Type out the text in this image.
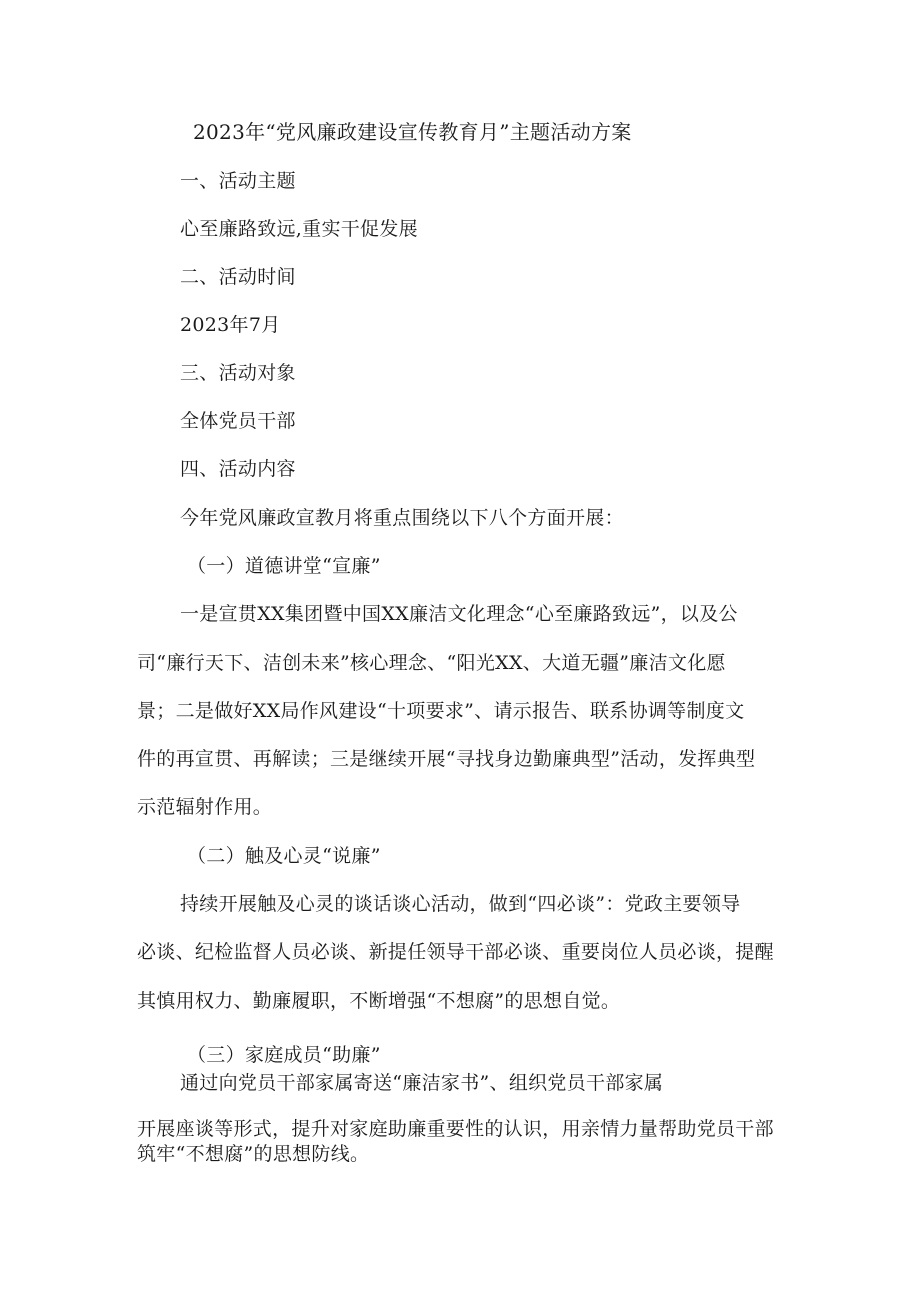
2023年“党风廉政建设宣传教育月”主题活动方案
一、活动主题
心至廉路致远,重实干促发展
二、活动时间
2023年7月
三、活动对象
全体党员干部
四、活动内容
今年党风廉政宣教月将重点围绕以下八个方面开展：
（一）道德讲堂“宣廉”
一是宣贯XX集团暨中国XX廉洁文化理念“心至廉路致远”，以及公
司“廉行天下、洁创未来”核心理念、“阳光XX、大道无疆”廉洁文化愿
景；二是做好XX局作风建设“十项要求”、请示报告、联系协调等制度文
件的再宣贯、再解读；三是继续开展“寻找身边勤廉典型”活动，发挥典型
示范辐射作用。
（二）触及心灵“说廉”
持续开展触及心灵的谈话谈心活动，做到“四必谈”：党政主要领导
必谈、纪检监督人员必谈、新提任领导干部必谈、重要岗位人员必谈，提醒
其慎用权力、勤廉履职，不断增强“不想腐”的思想自觉。
（三）家庭成员“助廉”
通过向党员干部家属寄送“廉洁家书”、组织党员干部家属
开展座谈等形式，提升对家庭助廉重要性的认识，用亲情力量帮助党员干部
筑牢“不想腐”的思想防线。
